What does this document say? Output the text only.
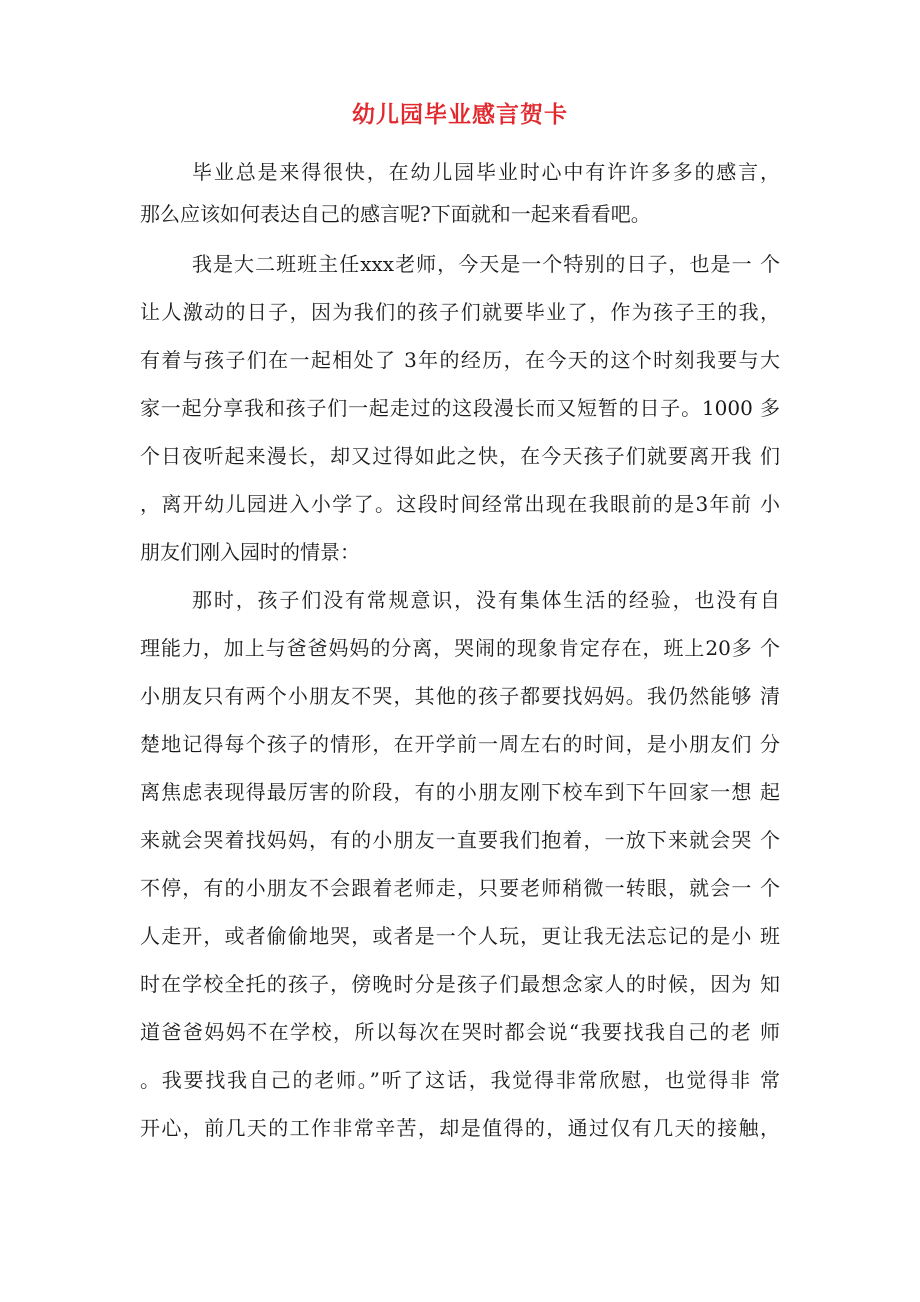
幼儿园毕业感言贺卡

毕业总是来得很快，在幼儿园毕业时心中有许许多多的感言，

那么应该如何表达自己的感言呢?下面就和一起来看看吧。

我是大二班班主任xxx老师，今天是一个特别的日子，也是一 个

让人激动的日子，因为我们的孩子们就要毕业了，作为孩子王的我，

有着与孩子们在一起相处了 3年的经历，在今天的这个时刻我要与大

家一起分享我和孩子们一起走过的这段漫长而又短暂的日子。1000 多

个日夜听起来漫长，却又过得如此之快，在今天孩子们就要离开我 们

，离开幼儿园进入小学了。这段时间经常出现在我眼前的是3年前 小

朋友们刚入园时的情景：

那时，孩子们没有常规意识，没有集体生活的经验，也没有自

理能力，加上与爸爸妈妈的分离，哭闹的现象肯定存在，班上20多 个

小朋友只有两个小朋友不哭，其他的孩子都要找妈妈。我仍然能够 清

楚地记得每个孩子的情形，在开学前一周左右的时间，是小朋友们 分

离焦虑表现得最厉害的阶段，有的小朋友刚下校车到下午回家一想 起

来就会哭着找妈妈，有的小朋友一直要我们抱着，一放下来就会哭 个

不停，有的小朋友不会跟着老师走，只要老师稍微一转眼，就会一 个

人走开，或者偷偷地哭，或者是一个人玩，更让我无法忘记的是小 班

时在学校全托的孩子，傍晚时分是孩子们最想念家人的时候，因为 知

道爸爸妈妈不在学校，所以每次在哭时都会说“我要找我自己的老 师

。我要找我自己的老师。”听了这话，我觉得非常欣慰，也觉得非 常

开心，前几天的工作非常辛苦，却是值得的，通过仅有几天的接触，
